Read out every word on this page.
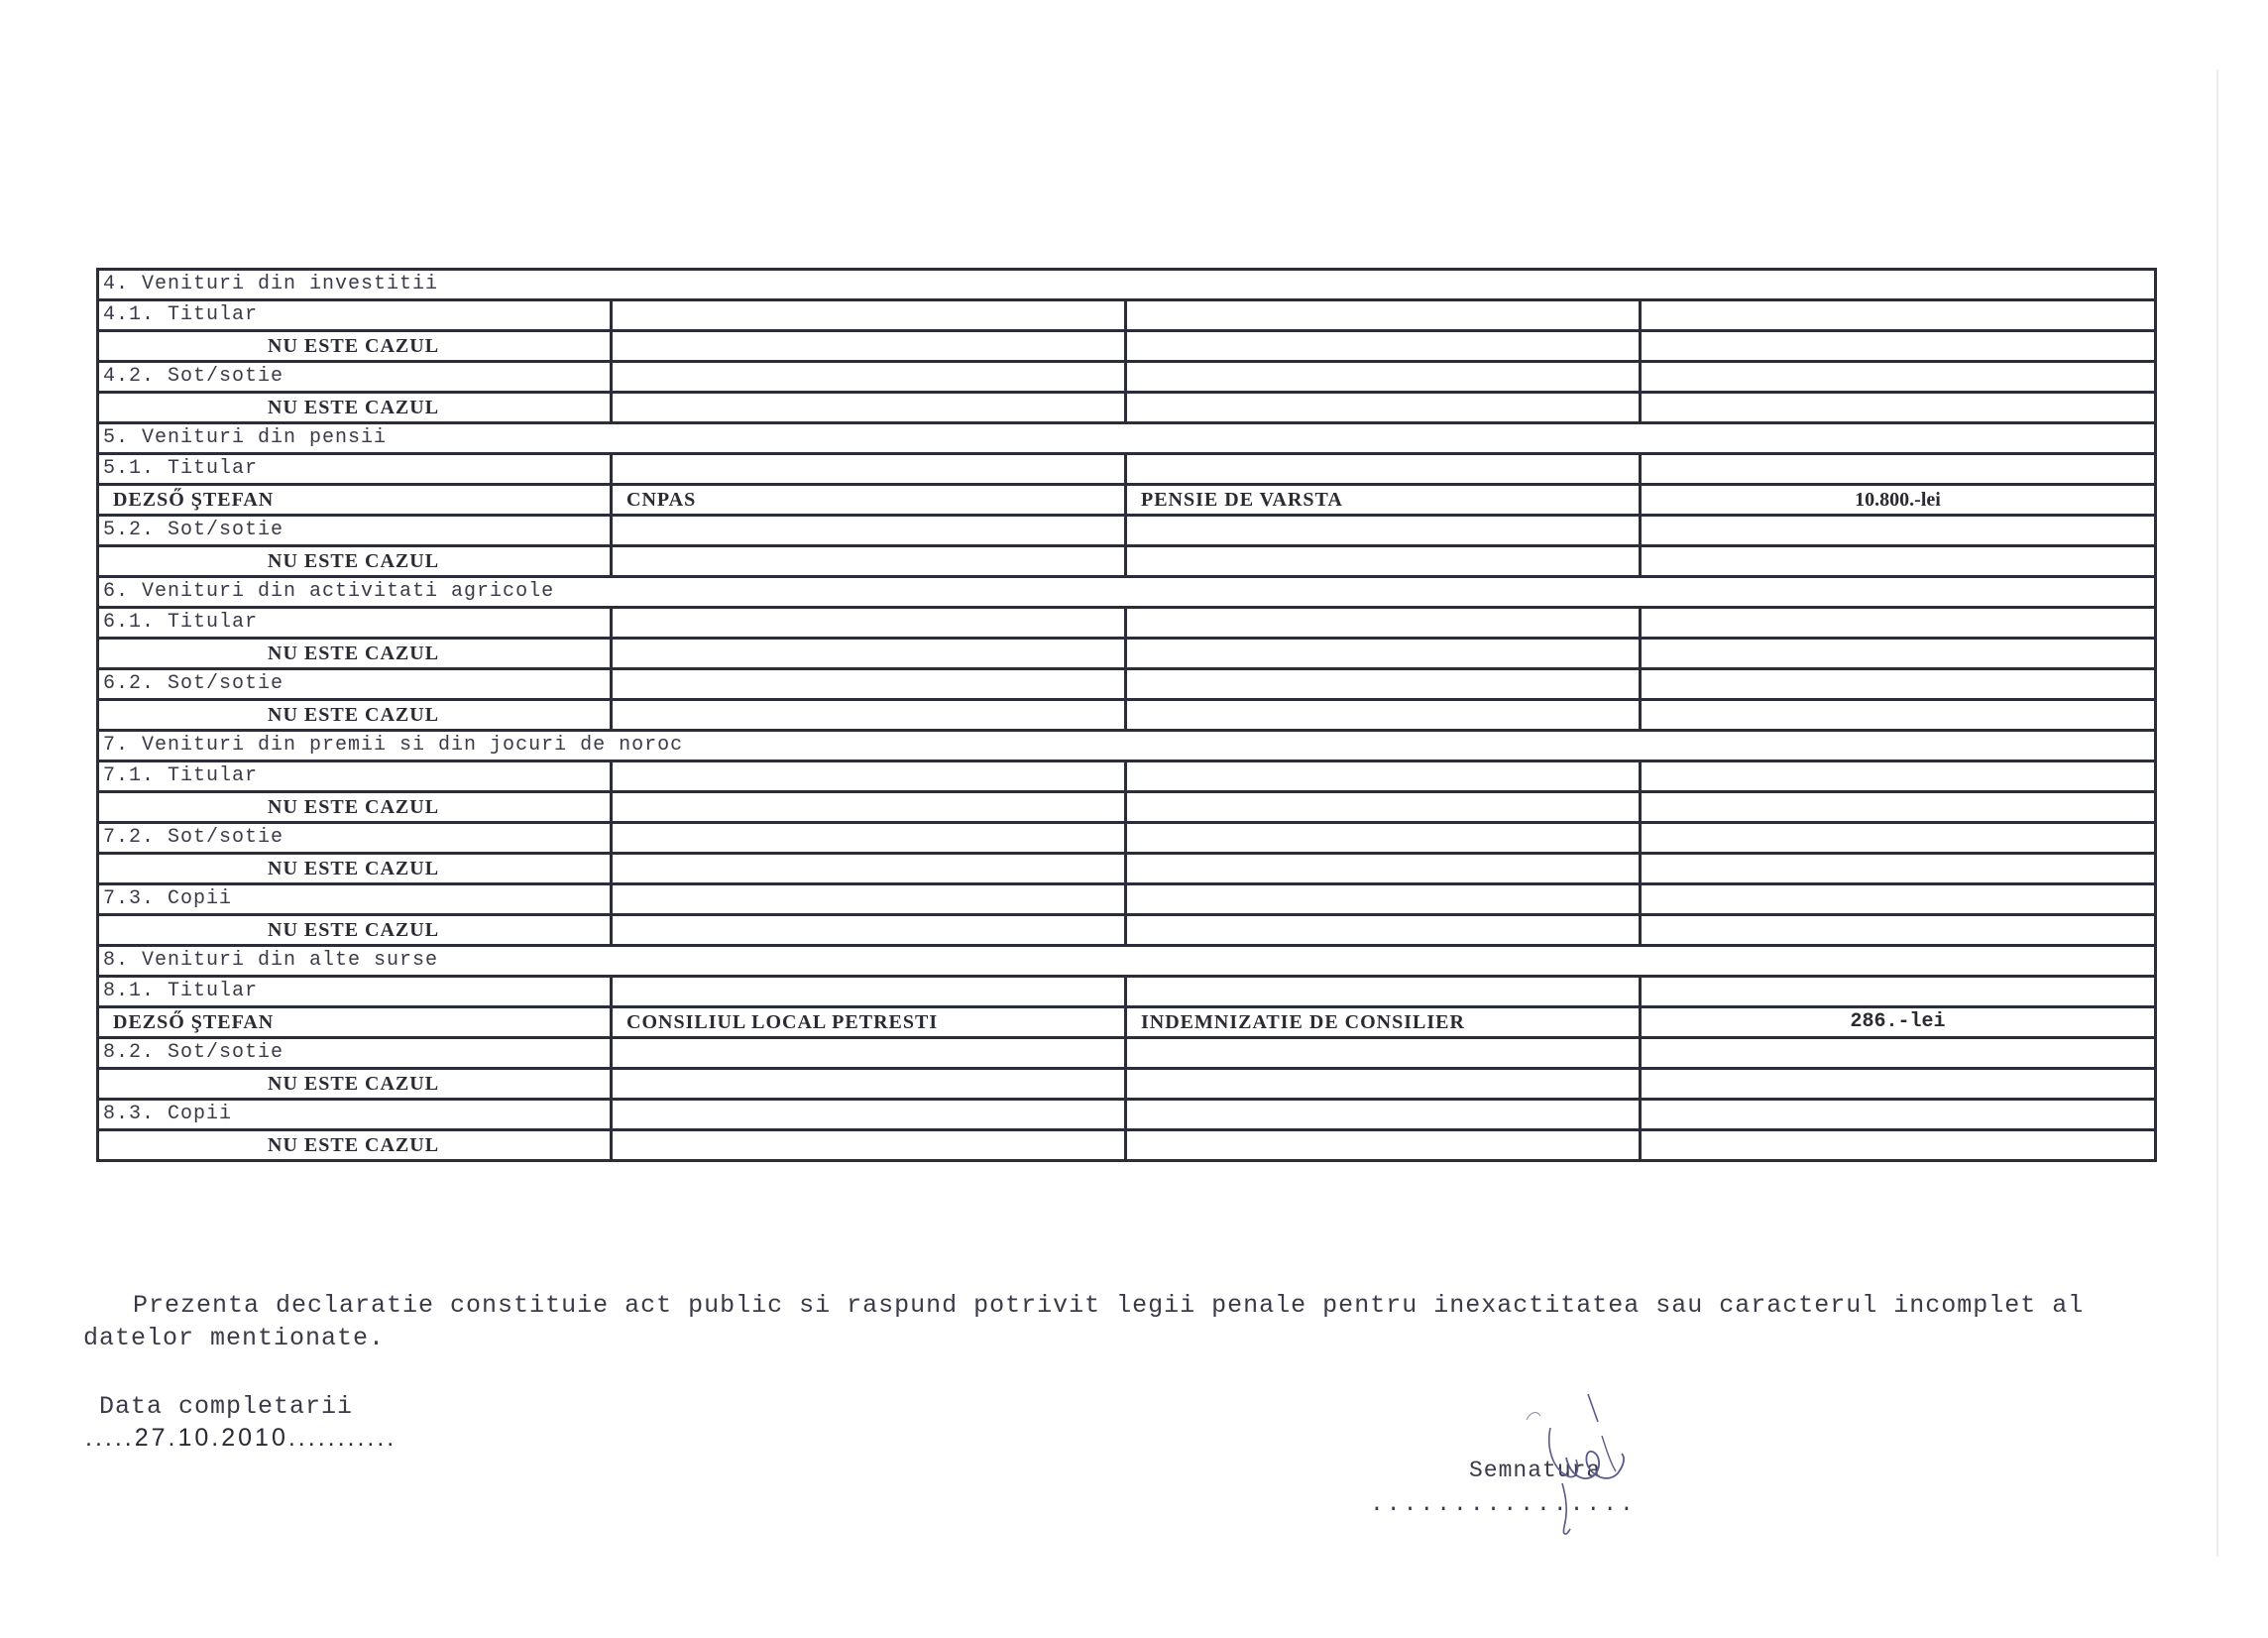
4. Venituri din investitii			
4.1. Titular			
NU ESTE CAZUL			
4.2. Sot/sotie			
NU ESTE CAZUL			
5. Venituri din pensii			
5.1. Titular			
DEZSŐ ŞTEFAN	CNPAS	PENSIE DE VARSTA	10.800.-lei
5.2. Sot/sotie			
NU ESTE CAZUL			
6. Venituri din activitati agricole			
6.1. Titular			
NU ESTE CAZUL			
6.2. Sot/sotie			
NU ESTE CAZUL			
7. Venituri din premii si din jocuri de noroc			
7.1. Titular			
NU ESTE CAZUL			
7.2. Sot/sotie			
NU ESTE CAZUL			
7.3. Copii			
NU ESTE CAZUL			
8. Venituri din alte surse			
8.1. Titular			
DEZSŐ ŞTEFAN	CONSILIUL LOCAL PETRESTI	INDEMNIZATIE DE CONSILIER	286.-lei
8.2. Sot/sotie			
NU ESTE CAZUL			
8.3. Copii			
NU ESTE CAZUL			
Prezenta declaratie constituie act public si raspund potrivit legii penale pentru inexactitatea sau caracterul incomplet al datelor mentionate.
Data completarii
.....27.10.2010...........
Semnatura
................
